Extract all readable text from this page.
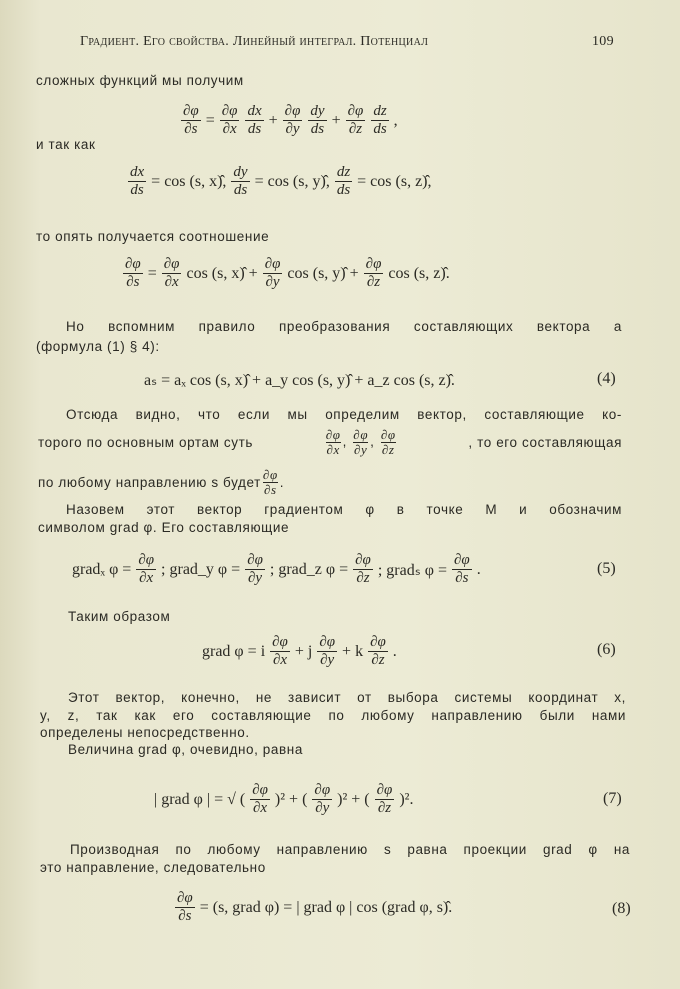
Градиент. Его свойства. Линейный интеграл. Потенциал	109
сложных функций мы получим
$\frac{\partial\varphi}{\partial s} = \frac{\partial\varphi}{\partial x} \frac{dx}{ds} + \frac{\partial\varphi}{\partial y} \frac{dy}{ds} + \frac{\partial\varphi}{\partial z} \frac{dz}{ds}$ ,
и так как
$\frac{dx}{ds} = \cos (s$, x)̂, $\frac{dy}{ds} = \cos (s$, y)̂, $\frac{dz}{ds} = \cos (s$, z)̂,
то опять получается соотношение
$\frac{\partial\varphi}{\partial s} = \frac{\partial\varphi}{\partial x}$ cos (s, x)̂ + $\frac{\partial\varphi}{\partial y}$ cos (s, y)̂ + $\frac{\partial\varphi}{\partial z}$ cos (s, z)̂.
Но вспомним правило преобразования составляющих вектора a
(формула (1) § 4):
aₛ = aₓ cos (s, x)̂ + a_y cos (s, y)̂ + a_z cos (s, z)̂.	(4)
Отсюда видно, что если мы определим вектор, составляющие ко-
торого по основным ортам суть	$\frac{\partial\varphi}{\partial x}$ , $\frac{\partial\varphi}{\partial y}$ , $\frac{\partial\varphi}{\partial z}$	, то его составляющая
по любому направлению s будет $\frac{\partial\varphi}{\partial s}$ .
Назовем этот вектор градиентом φ в точке M и обозначим
символом grad φ. Его составляющие
gradₓ $\varphi = \frac{\partial\varphi}{\partial x}$ ; grad_y $\varphi = \frac{\partial\varphi}{\partial y}$ ; grad_z $\varphi = \frac{\partial\varphi}{\partial z}$ ; gradₛ $\varphi = \frac{\partial\varphi}{\partial s}$ .	(5)
Таким образом
grad φ = i $\frac{\partial\varphi}{\partial x} + j \frac{\partial\varphi}{\partial y} + k \frac{\partial\varphi}{\partial z}$ .	(6)
Этот вектор, конечно, не зависит от выбора системы координат x,
y, z, так как его составляющие по любому направлению были нами
определены непосредственно.
Величина grad φ, очевидно, равна
| grad φ | = √ ( $\frac{\partial\varphi}{\partial x} )^2$ + ( $\frac{\partial\varphi}{\partial y} )^2$ + ( $\frac{\partial\varphi}{\partial z} )^2$.	(7)
Производная по любому направлению s равна проекции grad φ на
это направление, следовательно
$\frac{\partial\varphi}{\partial s} = (s$, grad φ) = | grad φ | cos (grad φ, s)̂.	(8)
